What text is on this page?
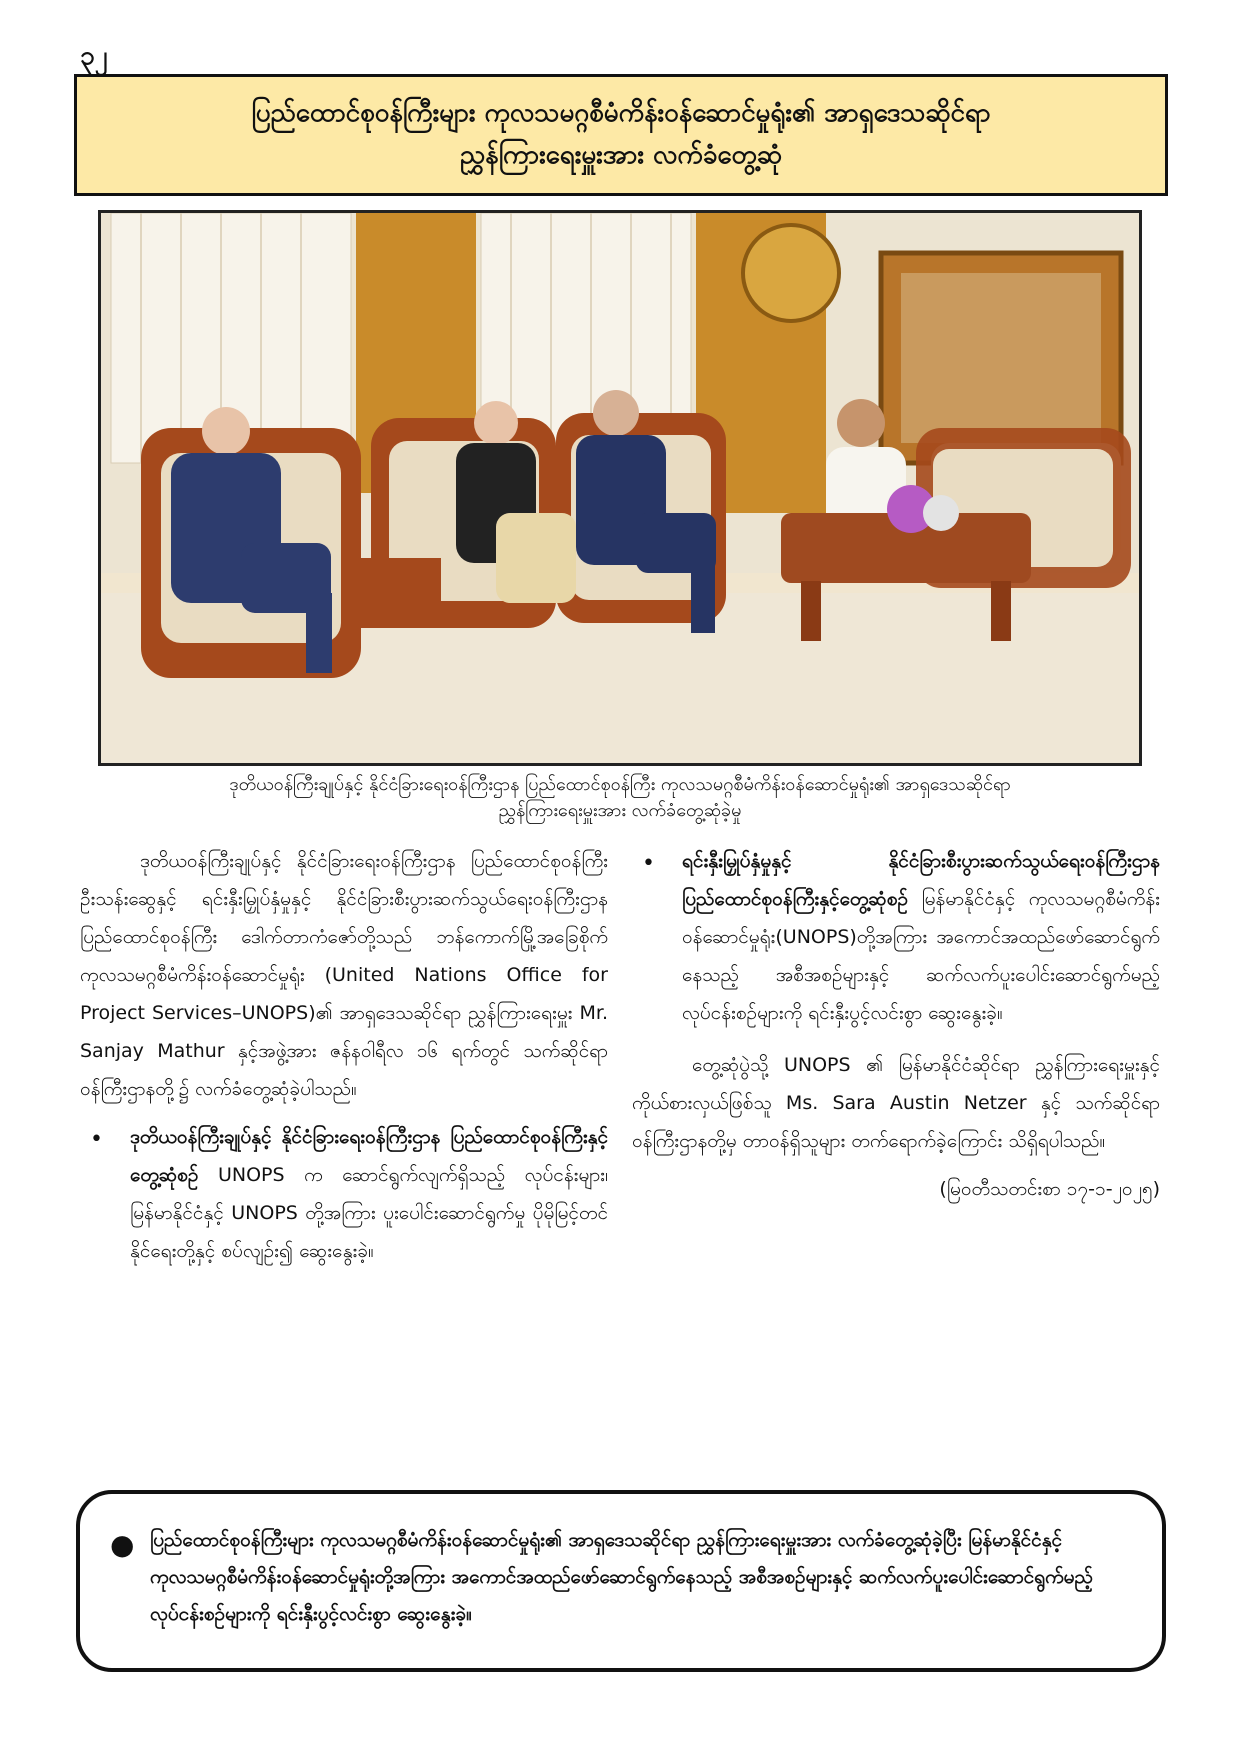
၃၂
ပြည်ထောင်စုဝန်ကြီးများ ကုလသမဂ္ဂစီမံကိန်းဝန်ဆောင်မှုရုံး၏ အာရှဒေသဆိုင်ရာ
ညွှန်ကြားရေးမှူးအား လက်ခံတွေ့ဆုံ
ဒုတိယဝန်ကြီးချုပ်နှင့် နိုင်ငံခြားရေးဝန်ကြီးဌာန ပြည်ထောင်စုဝန်ကြီး ကုလသမဂ္ဂစီမံကိန်းဝန်ဆောင်မှုရုံး၏ အာရှဒေသဆိုင်ရာ
ညွှန်ကြားရေးမှူးအား လက်ခံတွေ့ဆုံခဲ့မှု

ဒုတိယဝန်ကြီးချုပ်နှင့် နိုင်ငံခြားရေးဝန်ကြီးဌာန ပြည်ထောင်စုဝန်ကြီး ဦးသန်းဆွေနှင့် ရင်းနှီးမြှုပ်နှံမှုနှင့် နိုင်ငံခြားစီးပွားဆက်သွယ်ရေးဝန်ကြီးဌာန ပြည်ထောင်စုဝန်ကြီး ဒေါက်တာကံဇော်တို့သည် ဘန်ကောက်မြို့အခြေစိုက် ကုလသမဂ္ဂစီမံကိန်းဝန်ဆောင်မှုရုံး (United Nations Office for Project Services–UNOPS)၏ အာရှဒေသဆိုင်ရာ ညွှန်ကြားရေးမှူး Mr. Sanjay Mathur နှင့်အဖွဲ့အား ဇန်နဝါရီလ ၁၆ ရက်တွင် သက်ဆိုင်ရာဝန်ကြီးဌာနတို့၌ လက်ခံတွေ့ဆုံခဲ့ပါသည်။

• ဒုတိယဝန်ကြီးချုပ်နှင့် နိုင်ငံခြားရေးဝန်ကြီးဌာန ပြည်ထောင်စုဝန်ကြီးနှင့်တွေ့ဆုံစဉ် UNOPS က ဆောင်ရွက်လျက်ရှိသည့် လုပ်ငန်းများ၊ မြန်မာနိုင်ငံနှင့် UNOPS တို့အကြား ပူးပေါင်းဆောင်ရွက်မှု ပိုမိုမြင့်တင်နိုင်ရေးတို့နှင့် စပ်လျဉ်း၍ ဆွေးနွေးခဲ့။
• ရင်းနှီးမြှုပ်နှံမှုနှင့် နိုင်ငံခြားစီးပွားဆက်သွယ်ရေးဝန်ကြီးဌာန ပြည်ထောင်စုဝန်ကြီးနှင့်တွေ့ဆုံစဉ် မြန်မာနိုင်ငံနှင့် ကုလသမဂ္ဂစီမံကိန်းဝန်ဆောင်မှုရုံး(UNOPS)တို့အကြား အကောင်အထည်ဖော်ဆောင်ရွက်နေသည့် အစီအစဉ်များနှင့် ဆက်လက်ပူးပေါင်းဆောင်ရွက်မည့်လုပ်ငန်းစဉ်များကို ရင်းနှီးပွင့်လင်းစွာ ဆွေးနွေးခဲ့။

တွေ့ဆုံပွဲသို့ UNOPS ၏ မြန်မာနိုင်ငံဆိုင်ရာ ညွှန်ကြားရေးမှူးနှင့် ကိုယ်စားလှယ်ဖြစ်သူ Ms. Sara Austin Netzer နှင့် သက်ဆိုင်ရာဝန်ကြီးဌာနတို့မှ တာဝန်ရှိသူများ တက်ရောက်ခဲ့ကြောင်း သိရှိရပါသည်။

(မြဝတီသတင်းစာ ၁၇-၁-၂၀၂၅)
● ပြည်ထောင်စုဝန်ကြီးများ ကုလသမဂ္ဂစီမံကိန်းဝန်ဆောင်မှုရုံး၏ အာရှဒေသဆိုင်ရာ ညွှန်ကြားရေးမှူးအား လက်ခံတွေ့ဆုံခဲ့ပြီး မြန်မာနိုင်ငံနှင့် ကုလသမဂ္ဂစီမံကိန်းဝန်ဆောင်မှုရုံးတို့အကြား အကောင်အထည်ဖော်ဆောင်ရွက်နေသည့် အစီအစဉ်များနှင့် ဆက်လက်ပူးပေါင်းဆောင်ရွက်မည့်လုပ်ငန်းစဉ်များကို ရင်းနှီးပွင့်လင်းစွာ ဆွေးနွေးခဲ့။
